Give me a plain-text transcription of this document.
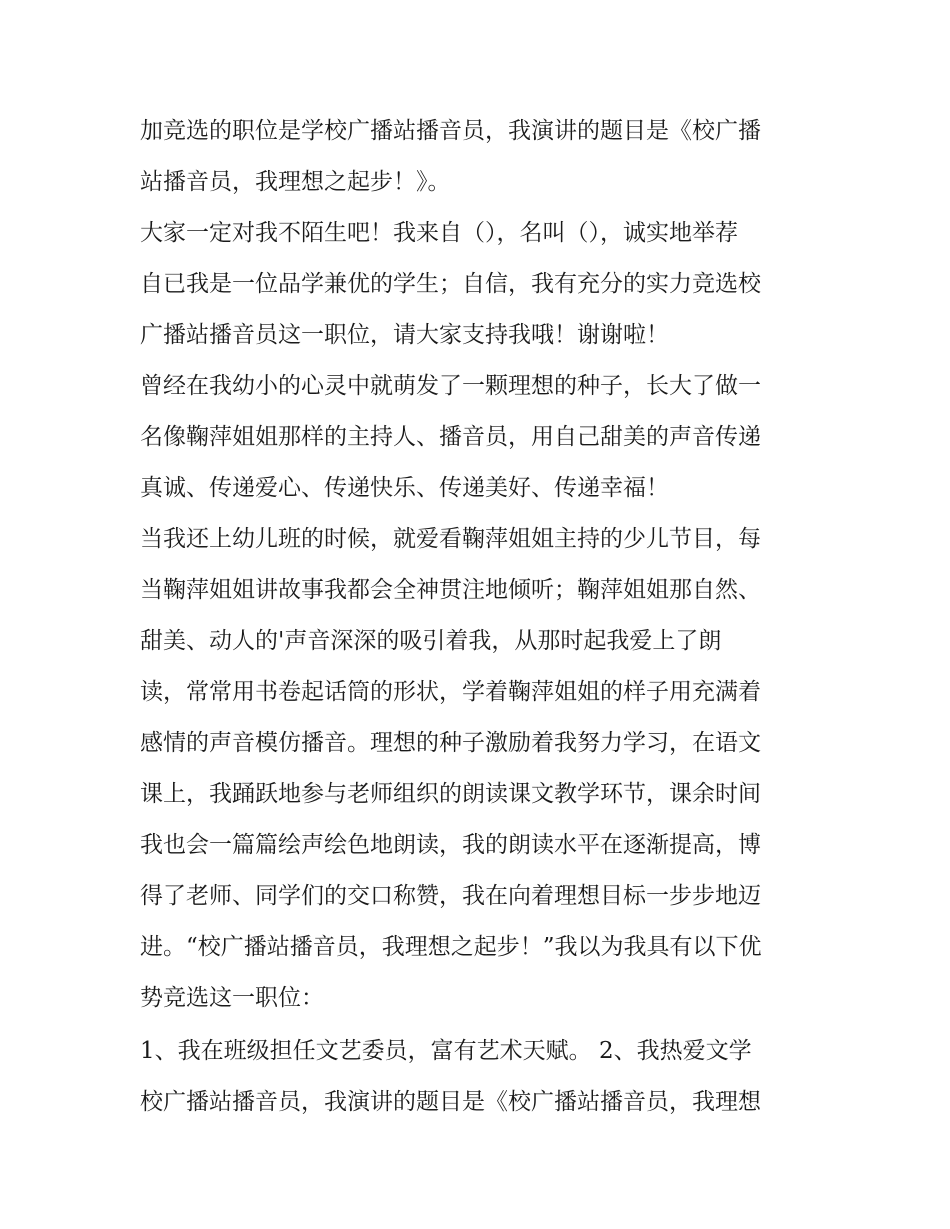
加竞选的职位是学校广播站播音员，我演讲的题目是《校广播
站播音员，我理想之起步！》。
大家一定对我不陌生吧！我来自（），名叫（），诚实地举荐
自已我是一位品学兼优的学生；自信，我有充分的实力竞选校
广播站播音员这一职位，请大家支持我哦！谢谢啦！
曾经在我幼小的心灵中就萌发了一颗理想的种子，长大了做一
名像鞠萍姐姐那样的主持人、播音员，用自己甜美的声音传递
真诚、传递爱心、传递快乐、传递美好、传递幸福！
当我还上幼儿班的时候，就爱看鞠萍姐姐主持的少儿节目，每
当鞠萍姐姐讲故事我都会全神贯注地倾听；鞠萍姐姐那自然、
甜美、动人的'声音深深的吸引着我，从那时起我爱上了朗
读，常常用书卷起话筒的形状，学着鞠萍姐姐的样子用充满着
感情的声音模仿播音。理想的种子激励着我努力学习，在语文
课上，我踊跃地参与老师组织的朗读课文教学环节，课余时间
我也会一篇篇绘声绘色地朗读，我的朗读水平在逐渐提高，博
得了老师、同学们的交口称赞，我在向着理想目标一步步地迈
进。“校广播站播音员，我理想之起步！”我以为我具有以下优
势竞选这一职位：
1、我在班级担任文艺委员，富有艺术天赋。 2、我热爱文学
校广播站播音员，我演讲的题目是《校广播站播音员，我理想
